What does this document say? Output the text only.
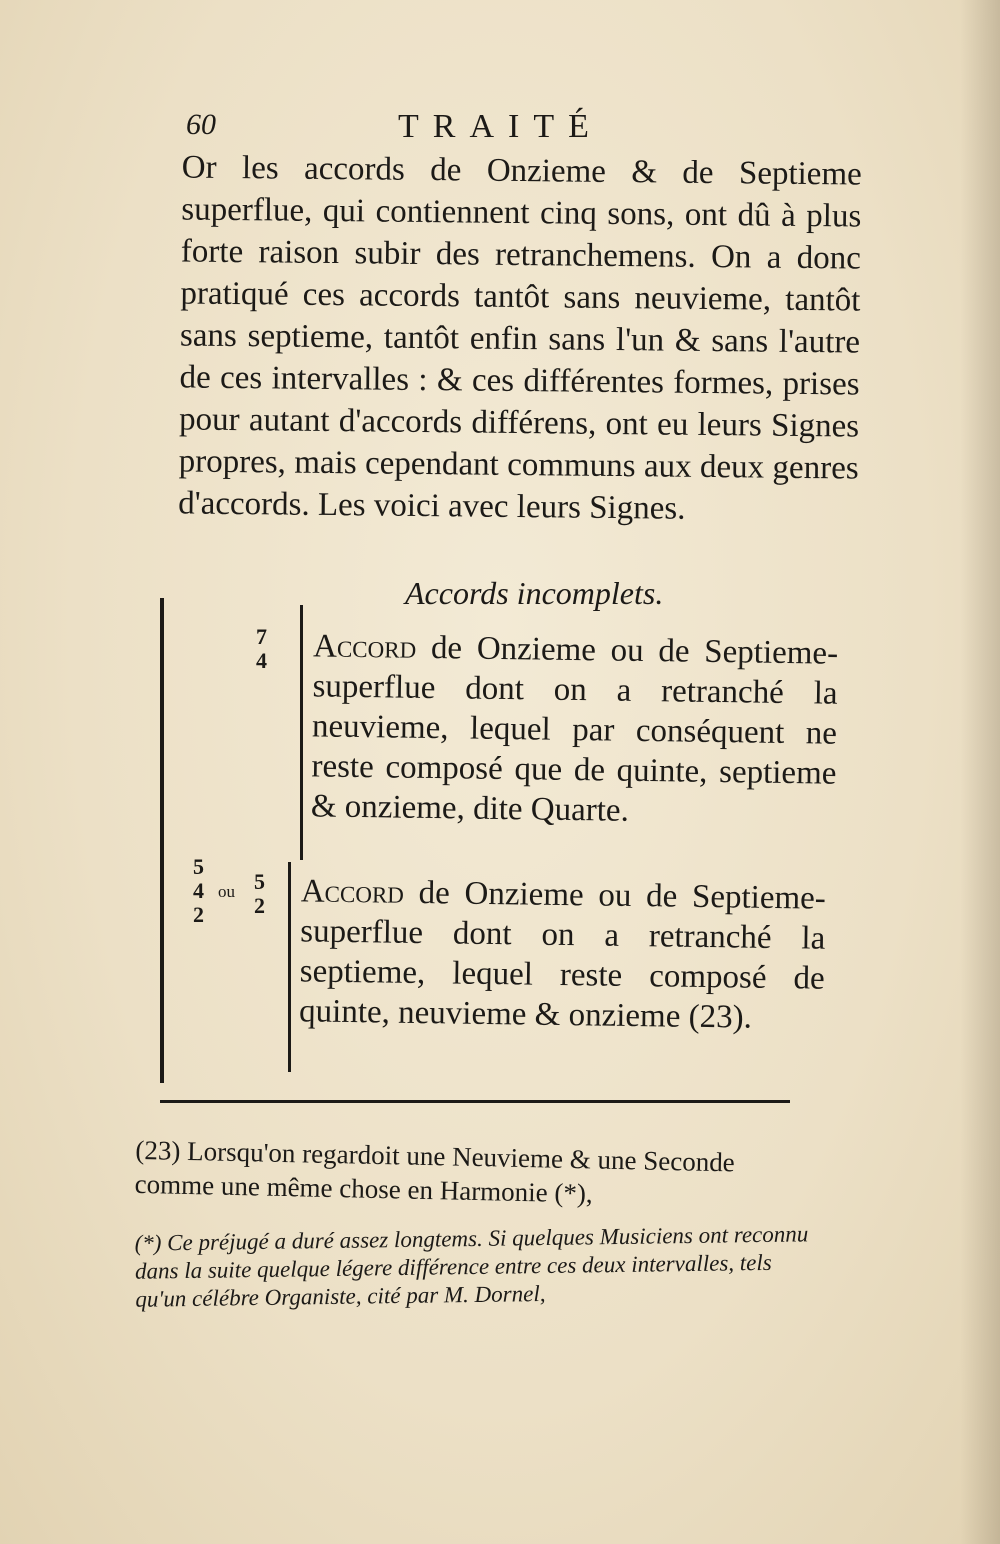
60	TRAITÉ

Or les accords de Onzieme & de Septieme superflue, qui contiennent cinq sons, ont dû à plus forte raison subir des retranchemens. On a donc pratiqué ces accords tantôt sans neuvieme, tantôt sans septieme, tantôt enfin sans l'un & sans l'autre de ces intervalles : & ces différentes formes, prises pour autant d'accords différens, ont eu leurs Signes propres, mais cependant communs aux deux genres d'accords. Les voici avec leurs Signes.

Accords incomplets.
7
4 Accord de Onzieme ou de Septieme-superflue dont on a retranché la neuvieme, lequel par conséquent ne reste composé que de quinte, septieme & onzieme, dite Quarte.

5
4
2
ou 5
2 Accord de Onzieme ou de Septieme-superflue dont on a retranché la septieme, lequel reste composé de quinte, neuvieme & onzieme (23).

(23) Lorsqu'on regardoit une Neuvieme & une Seconde comme une même chose en Harmonie (*),

(*) Ce préjugé a duré assez longtems. Si quelques Musiciens ont reconnu dans la suite quelque légere différence entre ces deux intervalles, tels qu'un célébre Organiste, cité par M. Dornel,
